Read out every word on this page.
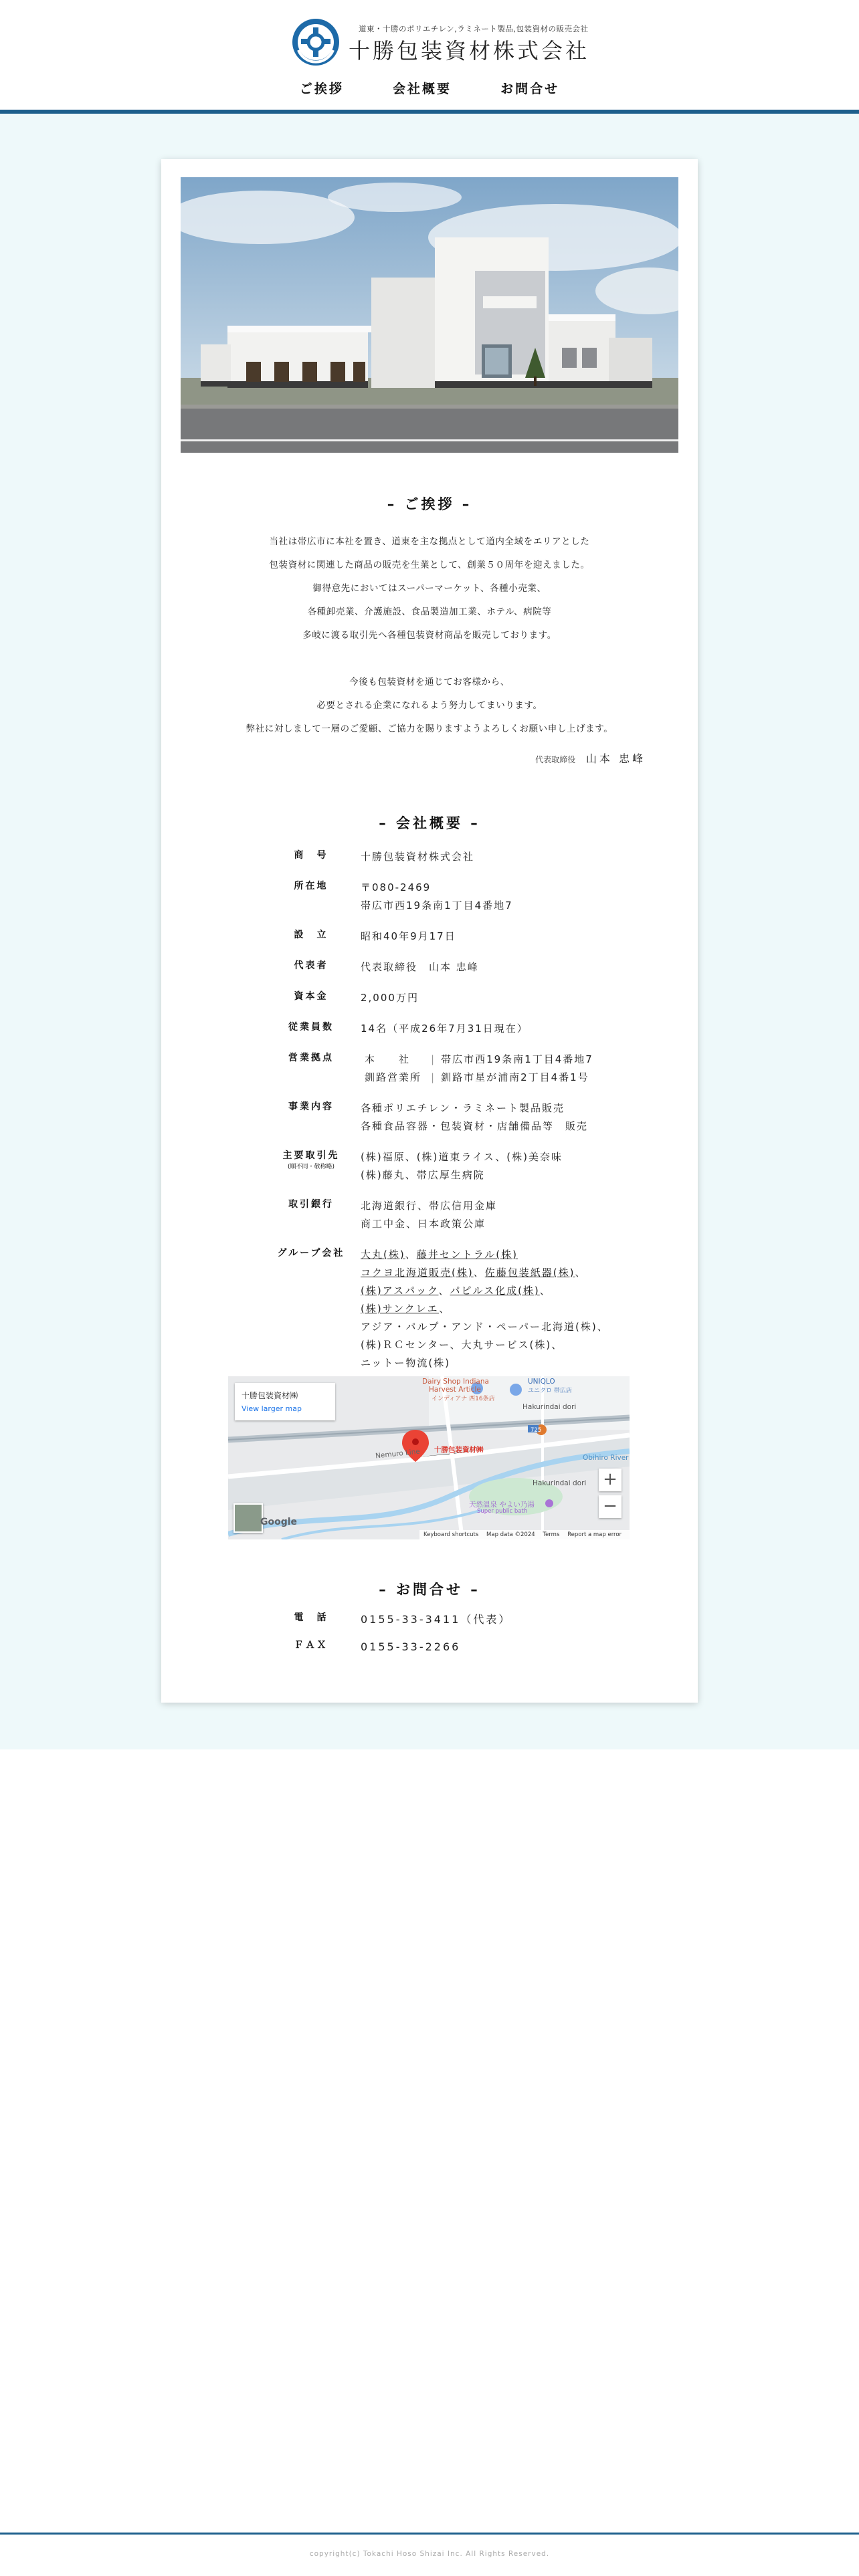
道東・十勝のポリエチレン,ラミネート製品,包装資材の販売会社
十勝包装資材株式会社
ご挨拶	会社概要	お問合せ
– ご挨拶 –
当社は帯広市に本社を置き、道東を主な拠点として道内全域をエリアとした
包装資材に関連した商品の販売を生業として、創業５０周年を迎えました。
御得意先においてはスーパーマーケット、各種小売業、
各種卸売業、介護施設、食品製造加工業、ホテル、病院等
多岐に渡る取引先へ各種包装資材商品を販売しております。
今後も包装資材を通じてお客様から、
必要とされる企業になれるよう努力してまいります。
弊社に対しまして一層のご愛顧、ご協力を賜りますようよろしくお願い申し上げます。
代表取締役 山本 忠峰
– 会社概要 –
商　号	十勝包装資材株式会社
所在地	〒080-2469
帯広市西19条南1丁目4番地7
設　立	昭和40年9月17日
代表者	代表取締役　山本 忠峰
資本金	2,000万円
従業員数	14名（平成26年7月31日現在）
営業拠点	本　　社 | 帯広市西19条南1丁目4番地7
釧路営業所 | 釧路市星が浦南2丁目4番1号
事業内容	各種ポリエチレン・ラミネート製品販売
各種食品容器・包装資材・店舗備品等　販売
主要取引先
(順不同・敬称略)
(株)福原、(株)道東ライス、(株)美奈味
(株)藤丸、帯広厚生病院
取引銀行	北海道銀行、帯広信用金庫
商工中金、日本政策公庫
グループ会社	大丸(株)、藤井セントラル(株)
コクヨ北海道販売(株)、佐藤包装紙器(株)、
(株)アスパック、パピルス化成(株)、
(株)サンクレエ、
アジア・パルプ・アンド・ペーパー北海道(株)、
(株)ＲＣセンター、大丸サービス(株)、
ニットー物流(株)
Dairy Shop Indiana
Harvest Article
インディアナ 西16条店
UNIQLO
ユニクロ 帯広店
Hakurindai dori
725
Nemuro Line	Obihiro River
Hakurindai dori
十勝包装資材㈱
天然温泉 やよい乃湯
Super public bath
十勝包装資材㈱
View larger map
+
−
Google
Keyboard shortcuts Map data ©2024 Terms Report a map error
– お問合せ –
電　話	0155-33-3411（代表）
ＦＡＸ	0155-33-2266
copyright(c) Tokachi Hoso Shizai Inc. All Rights Reserved.
